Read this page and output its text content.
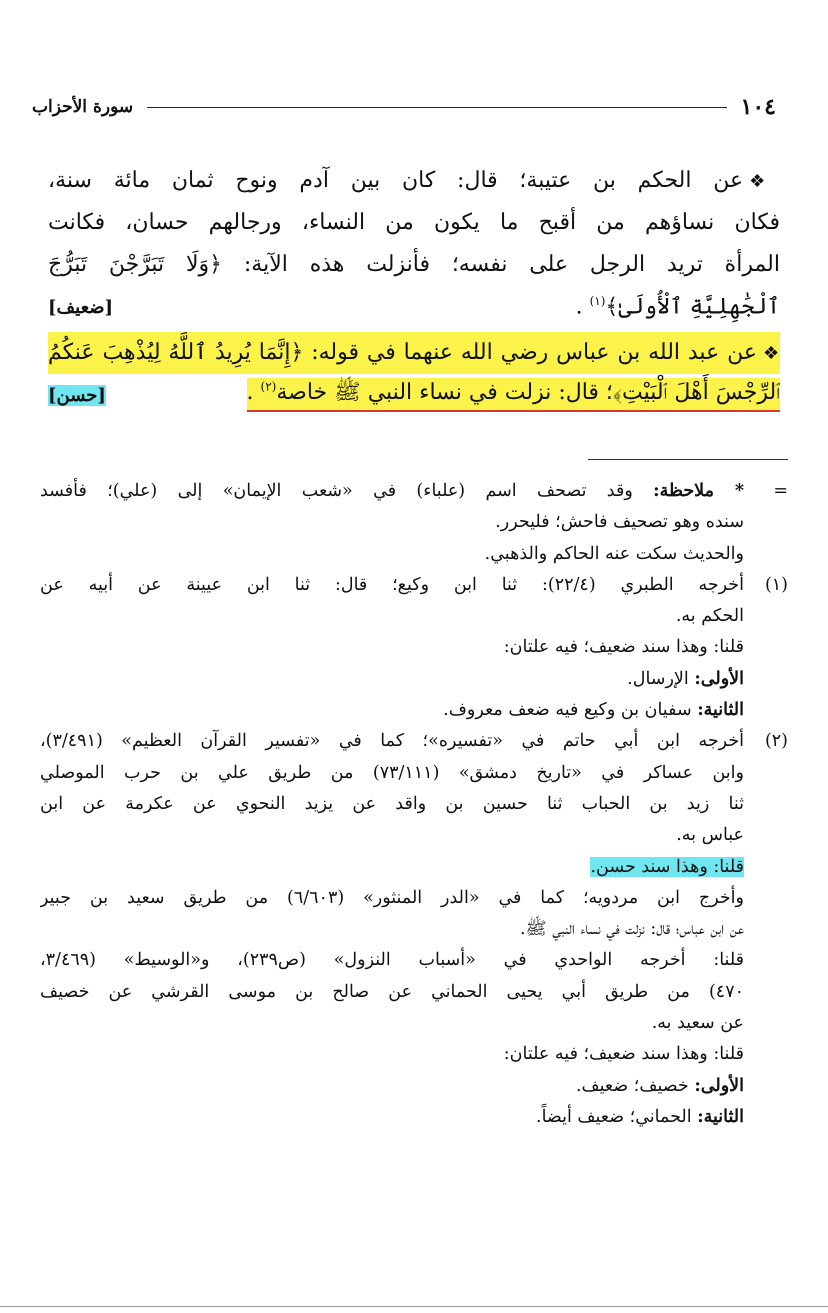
١٠٤
سورة الأحزاب
❖عن الحكم بن عتيبة؛ قال: كان بين آدم ونوح ثمان مائة سنة،
فكان نساؤهم من أقبح ما يكون من النساء، ورجالهم حسان، فكانت
المرأة تريد الرجل على نفسه؛ فأنزلت هذه الآية: ﴿وَلَا تَبَرَّجْنَ تَبَرُّجَ
ٱلْجَٰهِلِيَّةِ ٱلْأُولَىٰ﴾$^{(١)}$ .
[ضعيف]
❖عن عبد الله بن عباس رضي الله عنهما في قوله: ﴿إِنَّمَا يُرِيدُ ٱللَّهُ لِيُذْهِبَ عَنكُمُ
ٱلرِّجْسَ أَهْلَ ٱلْبَيْتِ﴾؛ قال: نزلت في نساء النبي ﷺ خاصة$^{(٢)}$ .
[حسن]
=* ملاحظة: وقد تصحف اسم (علباء) في «شعب الإيمان» إلى (علي)؛ فأفسد
سنده وهو تصحيف فاحش؛ فليحرر.
والحديث سكت عنه الحاكم والذهبي.
(١)أخرجه الطبري (٢٢/٤): ثنا ابن وكيع؛ قال: ثنا ابن عيينة عن أبيه عن
الحكم به.
قلنا: وهذا سند ضعيف؛ فيه علتان:
الأولى: الإرسال.
الثانية: سفيان بن وكيع فيه ضعف معروف.
(٢)أخرجه ابن أبي حاتم في «تفسيره»؛ كما في «تفسير القرآن العظيم» (٣/٤٩١)،
وابن عساكر في «تاريخ دمشق» (٧٣/١١١) من طريق علي بن حرب الموصلي
ثنا زيد بن الحباب ثنا حسين بن واقد عن يزيد النحوي عن عكرمة عن ابن
عباس به.
قلنا: وهذا سند حسن.
وأخرج ابن مردويه؛ كما في «الدر المنثور» (٦/٦٠٣) من طريق سعيد بن جبير
عن ابن عباس؛ قال: نزلت في نساء النبي ﷺ.
قلنا: أخرجه الواحدي في «أسباب النزول» (ص٢٣٩)، و«الوسيط» (٣/٤٦٩،
٤٧٠) من طريق أبي يحيى الحماني عن صالح بن موسى القرشي عن خصيف
عن سعيد به.
قلنا: وهذا سند ضعيف؛ فيه علتان:
الأولى: خصيف؛ ضعيف.
الثانية: الحماني؛ ضعيف أيضاً.
